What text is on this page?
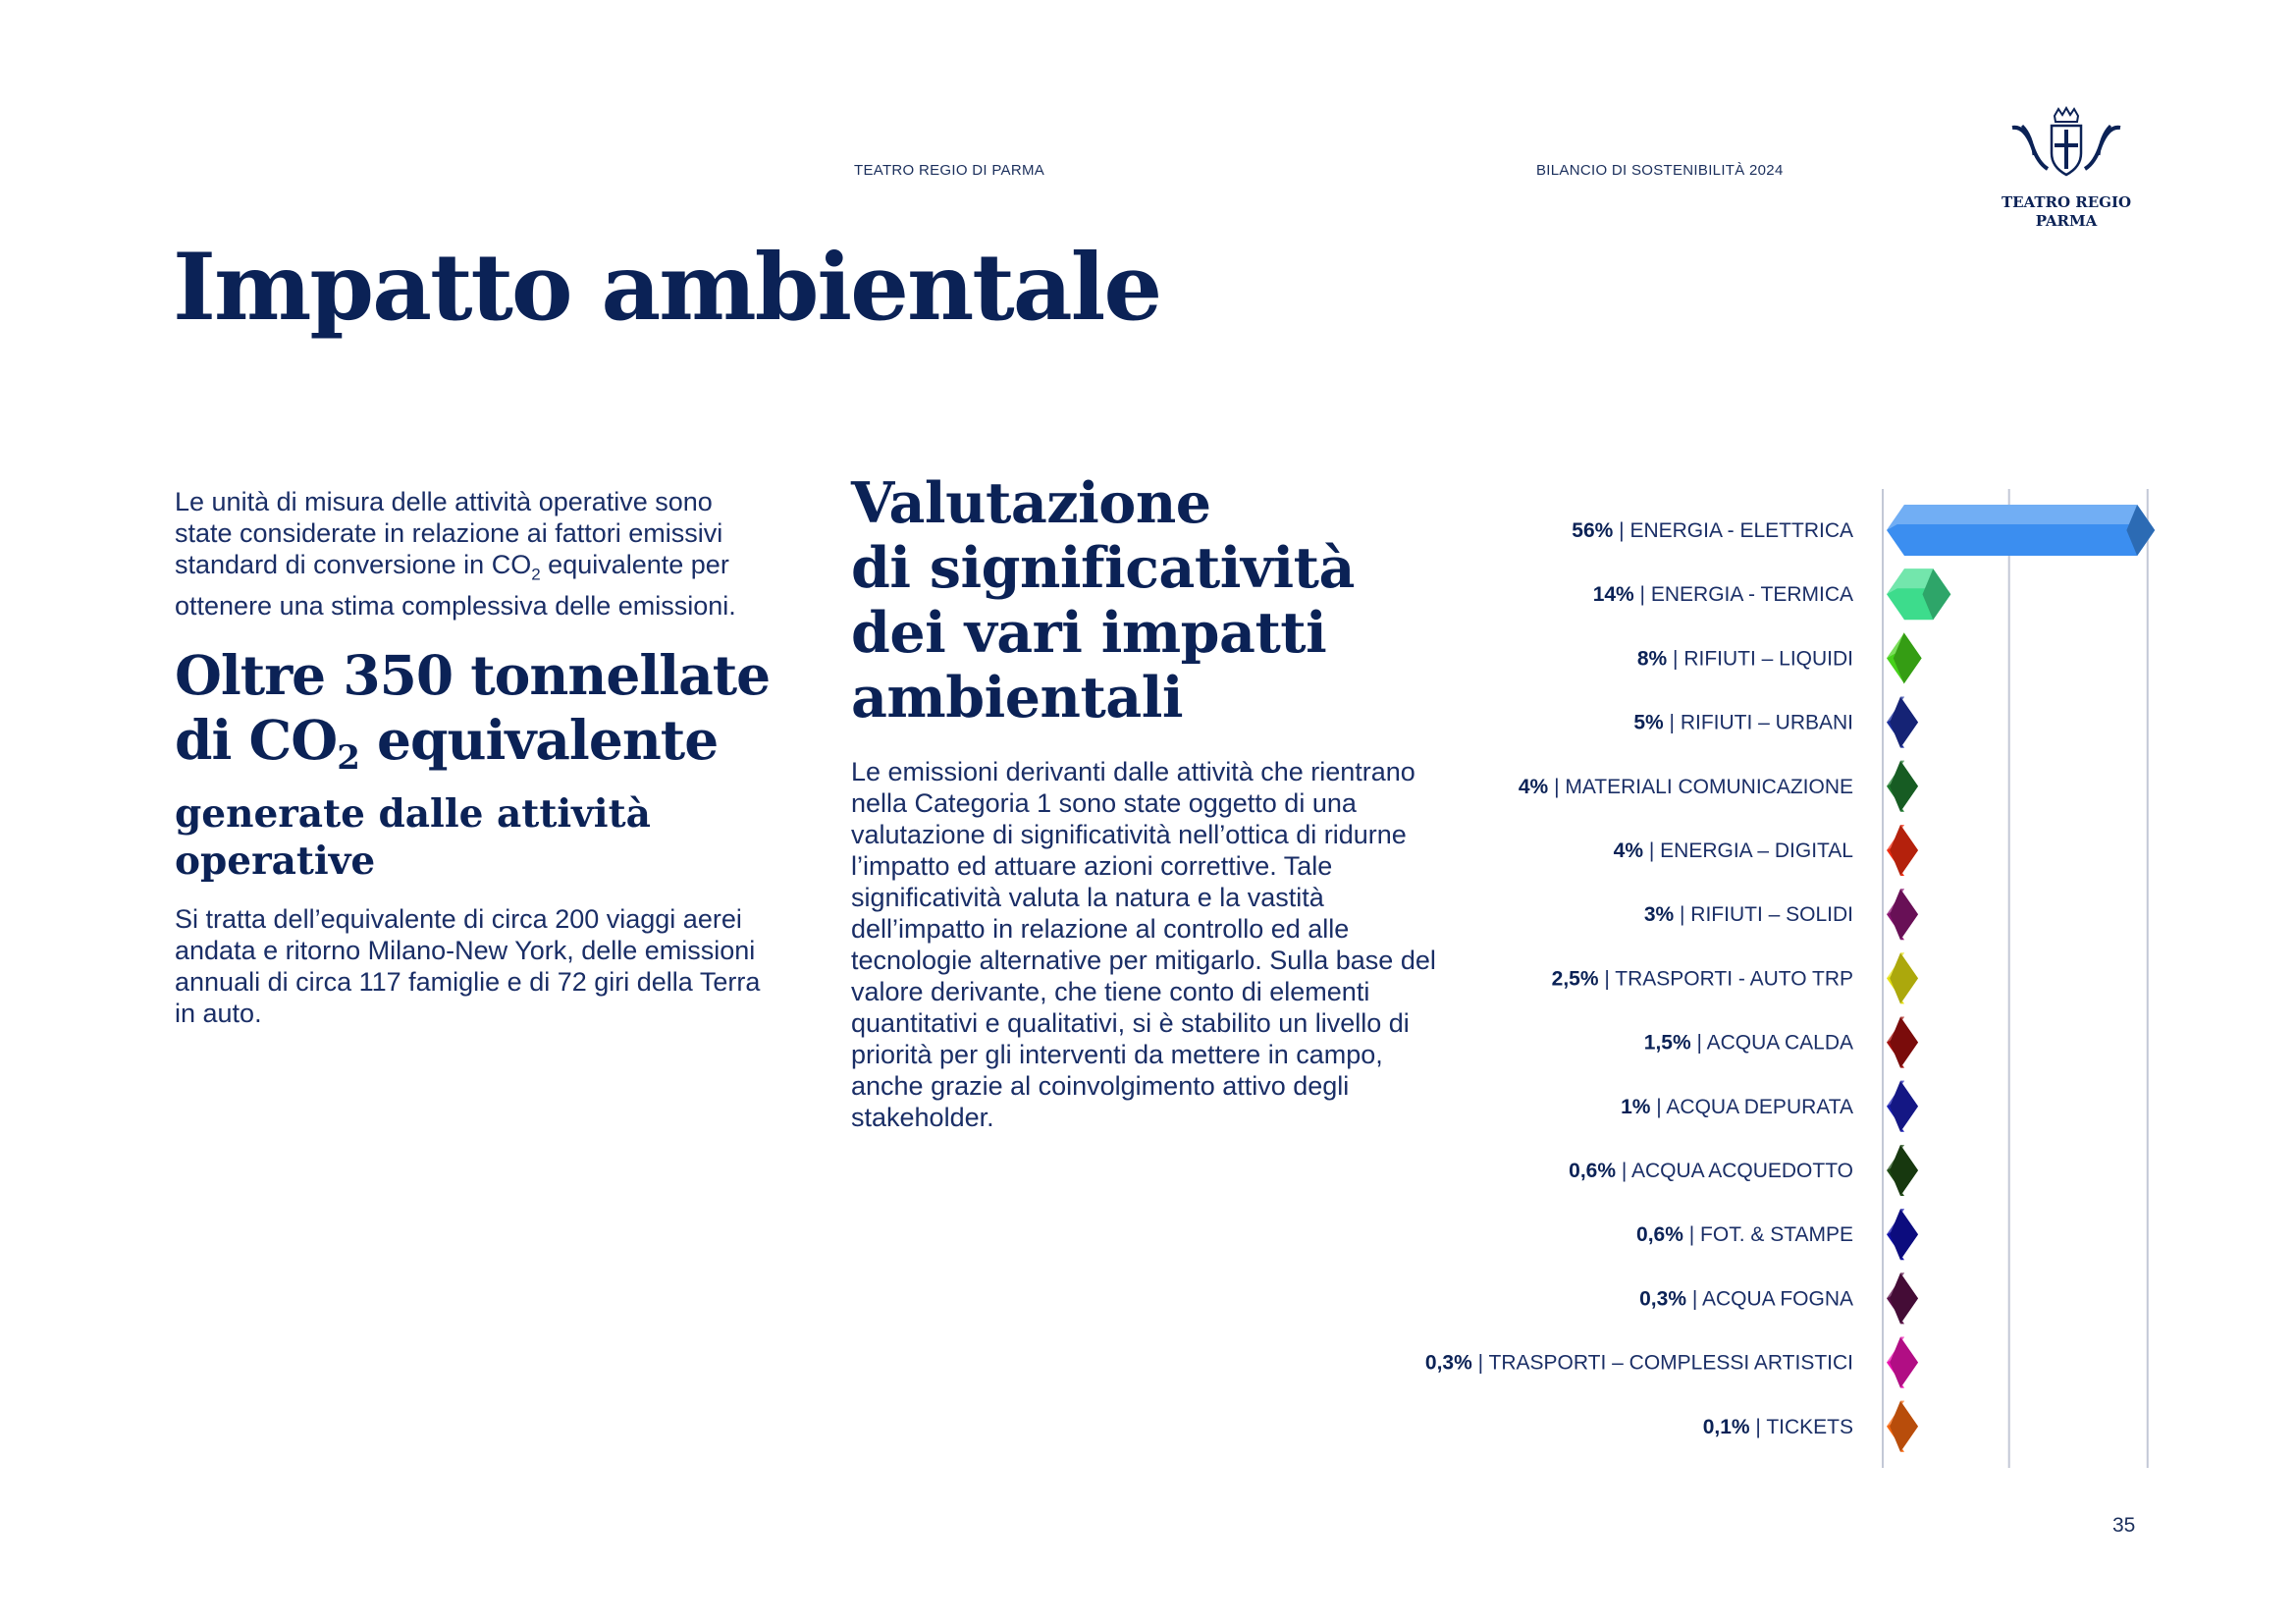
TEATRO REGIO DI PARMA	BILANCIO DI SOSTENIBILITÀ 2024
TEATRO REGIO
PARMA
Impatto ambientale
Le unità di misura delle attività operative sono state considerate in relazione ai fattori emissivi standard di conversione in $CO_2$ equivalente per ottenere una stima complessiva delle emissioni.
Oltre 350 tonnellate
di $CO_2$ equivalente
generate dalle attività
operative
Si tratta dell’equivalente di circa 200 viaggi aerei andata e ritorno Milano-New York, delle emissioni annuali di circa 117 famiglie e di 72 giri della Terra in auto.
Valutazione
di significatività
dei vari impatti
ambientali
Le emissioni derivanti dalle attività che rientrano nella Categoria 1 sono state oggetto di una valutazione di significatività nell’ottica di ridurne l’impatto ed attuare azioni correttive. Tale significatività valuta la natura e la vastità dell’impatto in relazione al controllo ed alle tecnologie alternative per mitigarlo. Sulla base del valore derivante, che tiene conto di elementi quantitativi e qualitativi, si è stabilito un livello di priorità per gli interventi da mettere in campo, anche grazie al coinvolgimento attivo degli stakeholder.
56% | ENERGIA - ELETTRICA
14% | ENERGIA - TERMICA
8% | RIFIUTI – LIQUIDI
5% | RIFIUTI – URBANI
4% | MATERIALI COMUNICAZIONE
4% | ENERGIA – DIGITAL
3% | RIFIUTI – SOLIDI
2,5% | TRASPORTI - AUTO TRP
1,5% | ACQUA CALDA
1% | ACQUA DEPURATA
0,6% | ACQUA ACQUEDOTTO
0,6% | FOT. & STAMPE
0,3% | ACQUA FOGNA
0,3% | TRASPORTI – COMPLESSI ARTISTICI
0,1% | TICKETS
35
